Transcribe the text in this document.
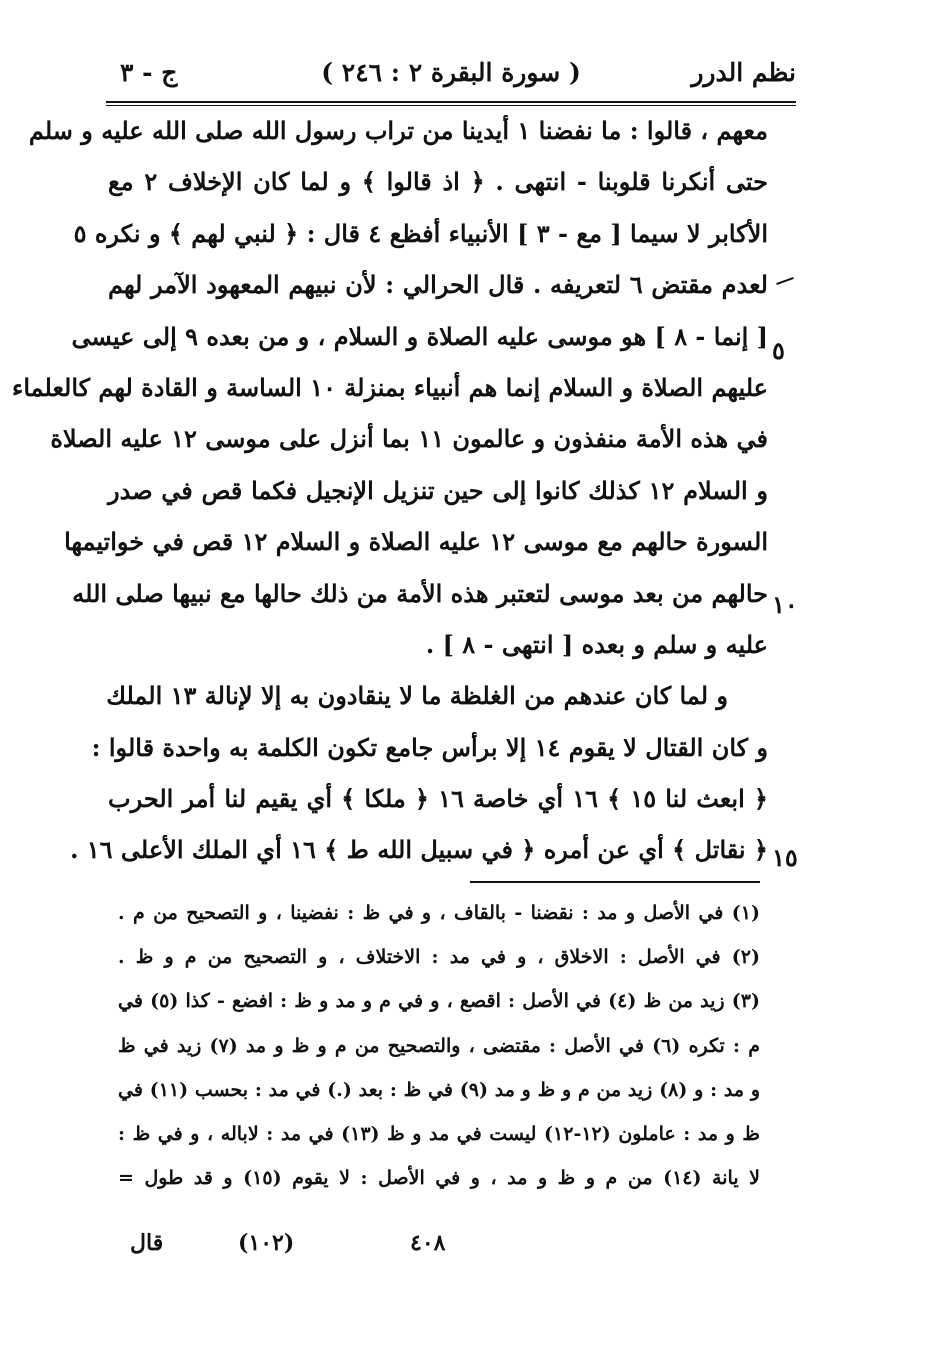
نظم الدرر
( سورة البقرة ٢ : ٢٤٦ )
ج - ٣
معهم ، قالوا : ما نفضنا ١ أيدينا من تراب رسول الله صلى الله عليه و سلم
حتى أنكرنا قلوبنا - انتهى . ﴿ اذ قالوا ﴾ و لما كان الإخلاف ٢ مع
الأكابر لا سيما [ مع - ٣ ] الأنبياء أفظع ٤ قال : ﴿ لنبي لهم ﴾ و نكره ٥
لعدم مقتض ٦ لتعريفه . قال الحرالي : لأن نبيهم المعهود الآمر لهم
[ إنما - ٨ ] هو موسى عليه الصلاة و السلام ، و من بعده ٩ إلى عيسى
عليهم الصلاة و السلام إنما هم أنبياء بمنزلة ١٠ الساسة و القادة لهم كالعلماء
في هذه الأمة منفذون و عالمون ١١ بما أنزل على موسى ١٢ عليه الصلاة
و السلام ١٢ كذلك كانوا إلى حين تنزيل الإنجيل فكما قص في صدر
السورة حالهم مع موسى ١٢ عليه الصلاة و السلام ١٢ قص في خواتيمها
حالهم من بعد موسى لتعتبر هذه الأمة من ذلك حالها مع نبيها صلى الله
عليه و سلم و بعده [ انتهى - ٨ ] .
و لما كان عندهم من الغلظة ما لا ينقادون به إلا لإنالة ١٣ الملك
و كان القتال لا يقوم ١٤ إلا برأس جامع تكون الكلمة به واحدة قالوا :
﴿ ابعث لنا ١٥ ﴾ ١٦ أي خاصة ١٦ ﴿ ملكا ﴾ أي يقيم لنا أمر الحرب
﴿ نقاتل ﴾ أي عن أمره ﴿ في سبيل الله ط ﴾ ١٦ أي الملك الأعلى ١٦ .
٥
١٠
١٥
(١) في الأصل و مد : نقضنا - بالقاف ، و في ظ : نفضينا ، و التصحيح من م .
(٢) في الأصل : الاخلاق ، و في مد : الاختلاف ، و التصحيح من م و ظ .
(٣) زيد من ظ (٤) في الأصل : اقصع ، و في م و مد و ظ : افضع - كذا (٥) في
م : تكره (٦) في الأصل : مقتضى ، والتصحيح من م و ظ و مد (٧) زيد في ظ
و مد : و (٨) زيد من م و ظ و مد (٩) في ظ : بعد (.) في مد : بحسب (١١) في
ظ و مد : عاملون (١٢-١٢) ليست في مد و ظ (١٣) في مد : لاباله ، و في ظ :
لا يانة (١٤) من م و ظ و مد ، و في الأصل : لا يقوم (١٥) و قد طول =
قال	(١٠٢)	٤٠٨
